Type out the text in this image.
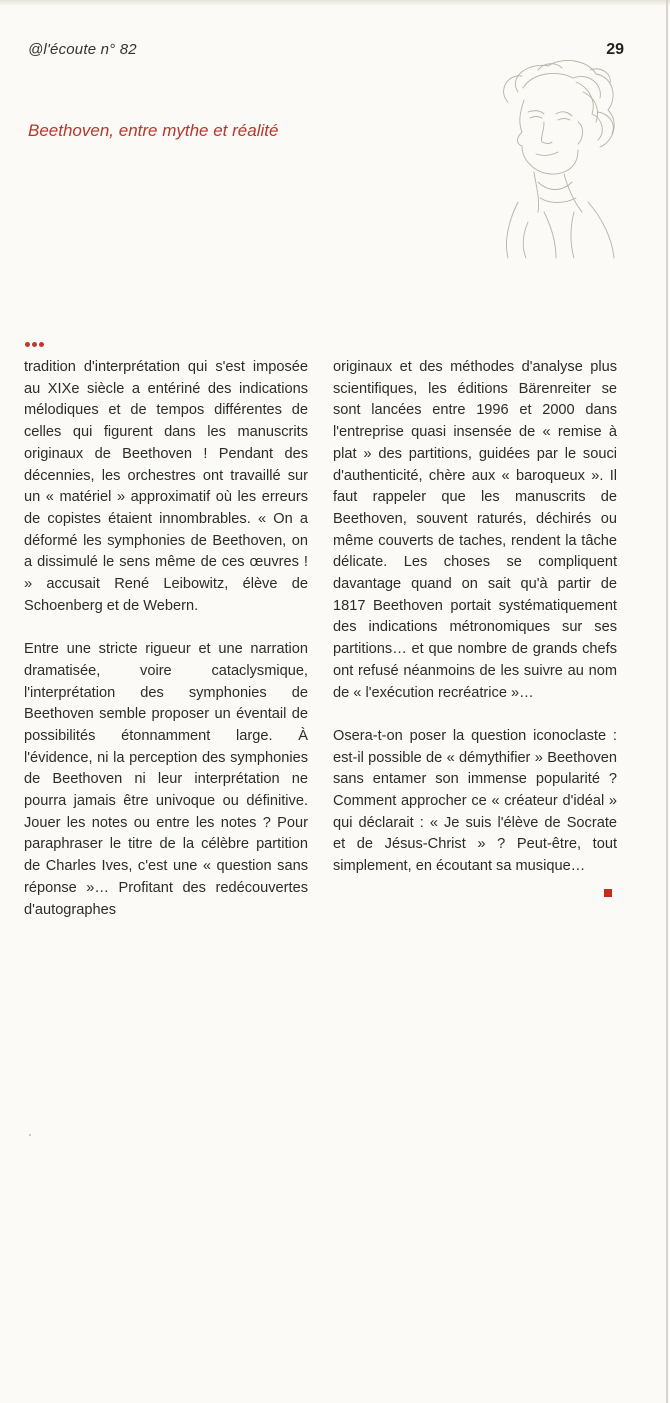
@l'écoute n° 82	29
Beethoven, entre mythe et réalité

tradition d'interprétation qui s'est imposée au XIXe siècle a entériné des indications mélodiques et de tempos différentes de celles qui figurent dans les manuscrits originaux de Beethoven ! Pendant des décennies, les orchestres ont travaillé sur un « matériel » approximatif où les erreurs de copistes étaient innombrables. « On a déformé les symphonies de Beethoven, on a dissimulé le sens même de ces œuvres ! » accusait René Leibowitz, élève de Schoenberg et de Webern.

Entre une stricte rigueur et une narration dramatisée, voire cataclysmique, l'interprétation des symphonies de Beethoven semble proposer un éventail de possibilités étonnamment large. À l'évidence, ni la perception des symphonies de Beethoven ni leur interprétation ne pourra jamais être univoque ou définitive. Jouer les notes ou entre les notes ? Pour paraphraser le titre de la célèbre partition de Charles Ives, c'est une « question sans réponse »… Profitant des redécouvertes d'autographes

originaux et des méthodes d'analyse plus scientifiques, les éditions Bärenreiter se sont lancées entre 1996 et 2000 dans l'entreprise quasi insensée de « remise à plat » des partitions, guidées par le souci d'authenticité, chère aux « baroqueux ». Il faut rappeler que les manuscrits de Beethoven, souvent raturés, déchirés ou même couverts de taches, rendent la tâche délicate. Les choses se compliquent davantage quand on sait qu'à partir de 1817 Beethoven portait systématiquement des indications métronomiques sur ses partitions… et que nombre de grands chefs ont refusé néanmoins de les suivre au nom de « l'exécution recréatrice »…

Osera-t-on poser la question iconoclaste : est-il possible de « démythifier » Beethoven sans entamer son immense popularité ? Comment approcher ce « créateur d'idéal » qui déclarait : « Je suis l'élève de Socrate et de Jésus-Christ » ? Peut-être, tout simplement, en écoutant sa musique…
